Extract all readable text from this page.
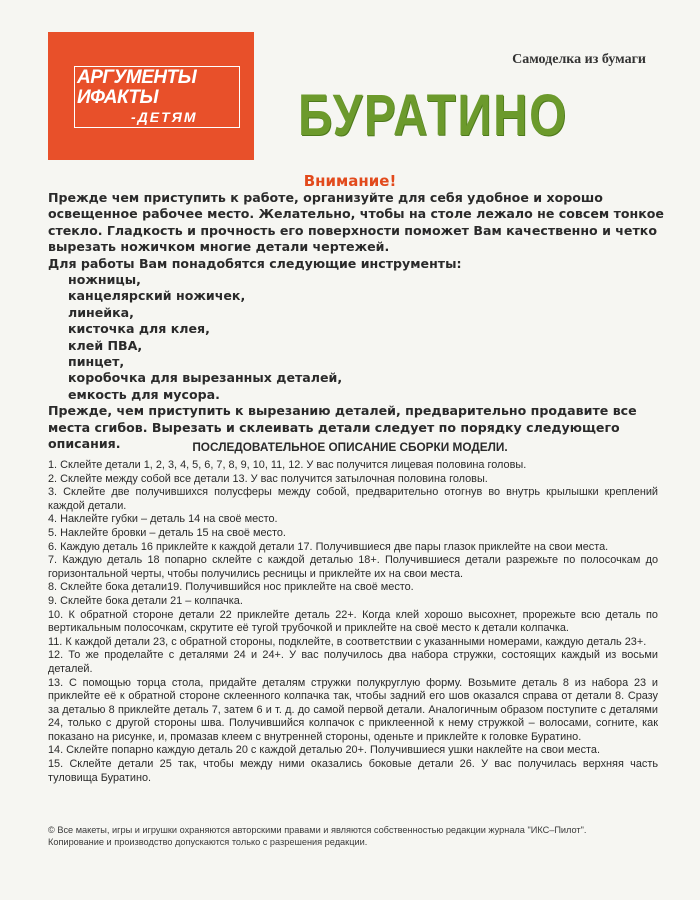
АРГУМЕНТЫ
ИФАКТЫ
-ДЕТЯМ
Самоделка из бумаги
БУРАТИНО
Внимание!

Прежде чем приступить к работе, организуйте для себя удобное и хорошо освещенное рабочее место. Желательно, чтобы на столе лежало не совсем тонкое стекло. Гладкость и прочность его поверхности поможет Вам качественно и четко вырезать ножичком многие детали чертежей.

Для работы Вам понадобятся следующие инструменты:

ножницы,
канцелярский ножичек,
линейка,
кисточка для клея,
клей ПВА,
пинцет,
коробочка для вырезанных деталей,
емкость для мусора.

Прежде, чем приступить к вырезанию деталей, предварительно продавите все места сгибов. Вырезать и склеивать детали следует по порядку следующего описания.	ПОСЛЕДОВАТЕЛЬНОЕ ОПИСАНИЕ СБОРКИ МОДЕЛИ.
1. Склейте детали 1, 2, 3, 4, 5, 6, 7, 8, 9, 10, 11, 12. У вас получится лицевая половина головы.
2. Склейте между собой все детали 13. У вас получится затылочная половина головы.
3. Склейте две получившихся полусферы между собой, предварительно отогнув во внутрь крылышки креплений каждой детали.
4. Наклейте губки – деталь 14 на своё место.
5. Наклейте бровки – деталь 15 на своё место.
6. Каждую деталь 16 приклейте к каждой детали 17. Получившиеся две пары глазок приклейте на свои места.
7. Каждую деталь 18 попарно склейте с каждой деталью 18+. Получившиеся детали разрежьте по полосочкам до горизонтальной черты, чтобы получились ресницы и приклейте их на свои места.
8. Склейте бока детали19. Получившийся нос приклейте на своё место.
9. Склейте бока детали 21 – колпачка.
10. К обратной стороне детали 22 приклейте деталь 22+. Когда клей хорошо высохнет, прорежьте всю деталь по вертикальным полосочкам, скрутите её тугой трубочкой и приклейте на своё место к детали колпачка.
11. К каждой детали 23, с обратной стороны, подклейте, в соответствии с указанными номерами, каждую деталь 23+.
12. То же проделайте с деталями 24 и 24+. У вас получилось два набора стружки, состоящих каждый из восьми деталей.
13. С помощью торца стола, придайте деталям стружки полукруглую форму. Возьмите деталь 8 из набора 23 и приклейте её к обратной стороне склеенного колпачка так, чтобы задний его шов оказался справа от детали 8. Сразу за деталью 8 приклейте деталь 7, затем 6 и т. д. до самой первой детали. Аналогичным образом поступите с деталями 24, только с другой стороны шва. Получившийся колпачок с приклеенной к нему стружкой – волосами, согните, как показано на рисунке, и, промазав клеем с внутренней стороны, оденьте и приклейте к головке Буратино.
14. Склейте попарно каждую деталь 20 с каждой деталью 20+. Получившиеся ушки наклейте на свои места.
15. Склейте детали 25 так, чтобы между ними оказались боковые детали 26. У вас получилась верхняя часть туловища Буратино.
© Все макеты, игры и игрушки охраняются авторскими правами и являются собственностью редакции журнала "ИКС–Пилот".
Копирование и производство допускаются только с разрешения редакции.
